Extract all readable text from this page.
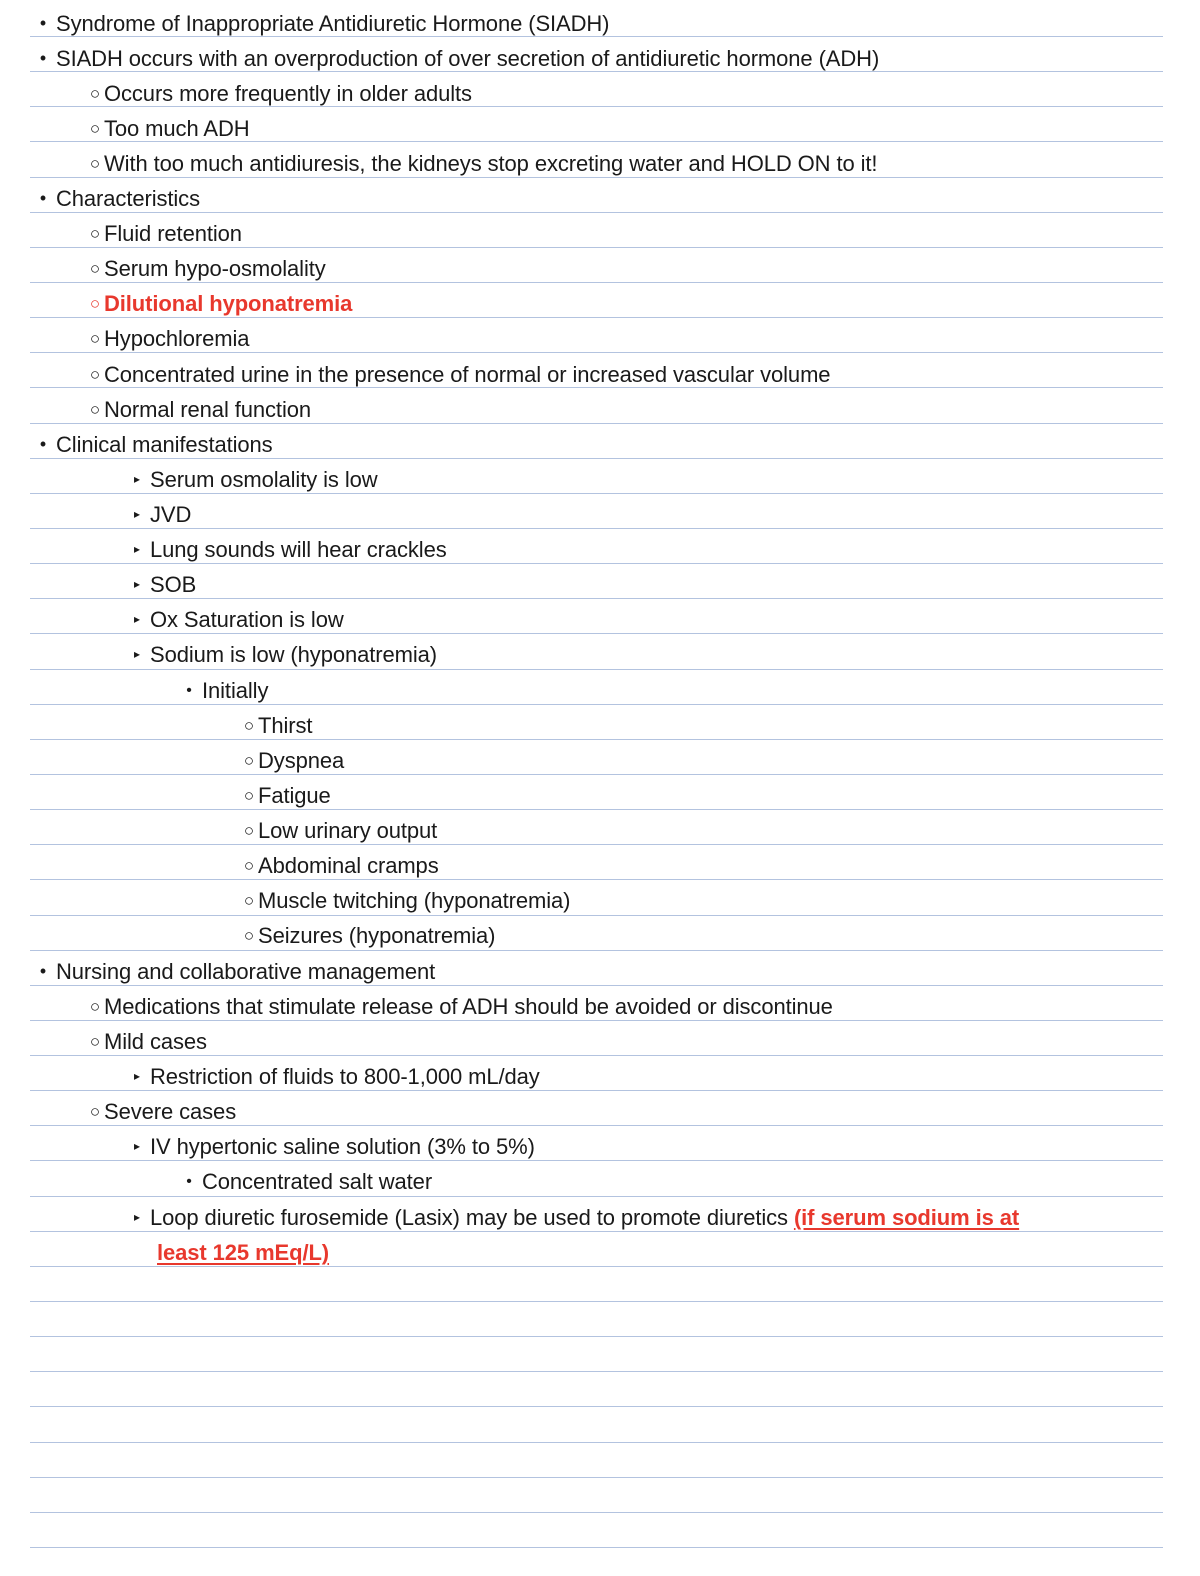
• Syndrome of Inappropriate Antidiuretic Hormone (SIADH)
• SIADH occurs with an overproduction of over secretion of antidiuretic hormone (ADH)
○ Occurs more frequently in older adults
○ Too much ADH
○ With too much antidiuresis, the kidneys stop excreting water and HOLD ON to it!
• Characteristics
○ Fluid retention
○ Serum hypo-osmolality
○ Dilutional hyponatremia
○ Hypochloremia
○ Concentrated urine in the presence of normal or increased vascular volume
○ Normal renal function
• Clinical manifestations
▸ Serum osmolality is low
▸ JVD
▸ Lung sounds will hear crackles
▸ SOB
▸ Ox Saturation is low
▸ Sodium is low (hyponatremia)
• Initially
○ Thirst
○ Dyspnea
○ Fatigue
○ Low urinary output
○ Abdominal cramps
○ Muscle twitching (hyponatremia)
○ Seizures (hyponatremia)
• Nursing and collaborative management
○ Medications that stimulate release of ADH should be avoided or discontinue
○ Mild cases
▸ Restriction of fluids to 800-1,000 mL/day
○ Severe cases
▸ IV hypertonic saline solution (3% to 5%)
• Concentrated salt water
▸ Loop diuretic furosemide (Lasix) may be used to promote diuretics (if serum sodium is at
least 125 mEq/L)
